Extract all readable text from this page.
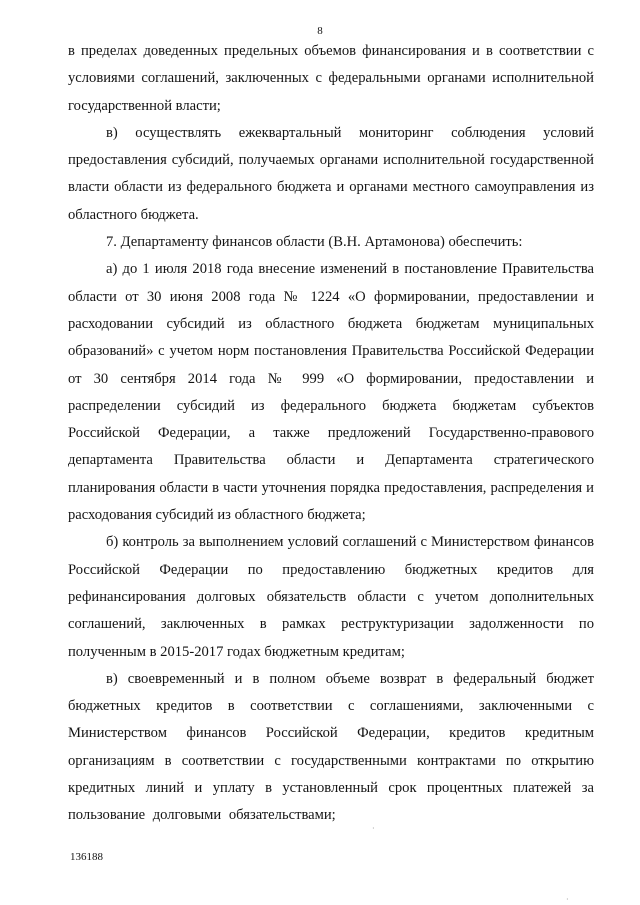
8

в пределах доведенных предельных объемов финансирования и в соответствии с условиями соглашений, заключенных с федеральными органами исполнительной государственной власти;

в) осуществлять ежеквартальный мониторинг соблюдения условий предоставления субсидий, получаемых органами исполнительной государственной власти области из федерального бюджета и органами местного самоуправления из областного бюджета.

7. Департаменту финансов области (В.Н. Артамонова) обеспечить:

а) до 1 июля 2018 года внесение изменений в постановление Правительства области от 30 июня 2008 года № 1224 «О формировании, предоставлении и расходовании субсидий из областного бюджета бюджетам муниципальных образований» с учетом норм постановления Правительства Российской Федерации от 30 сентября 2014 года № 999 «О формировании, предоставлении и распределении субсидий из федерального бюджета бюджетам субъектов Российской Федерации, а также предложений Государственно-правового департамента Правительства области и Департамента стратегического планирования области в части уточнения порядка предоставления, распределения и расходования субсидий из областного бюджета;

б) контроль за выполнением условий соглашений с Министерством финансов Российской Федерации по предоставлению бюджетных кредитов для рефинансирования долговых обязательств области с учетом дополнительных соглашений, заключенных в рамках реструктуризации задолженности по полученным в 2015-2017 годах бюджетным кредитам;

в) своевременный и в полном объеме возврат в федеральный бюджет бюджетных кредитов в соответствии с соглашениями, заключенными с Министерством финансов Российской Федерации, кредитов кредитным организациям в соответствии с государственными контрактами по открытию кредитных линий и уплату в установленный срок процентных платежей за пользование долговыми обязательствами;

136188
·
·
